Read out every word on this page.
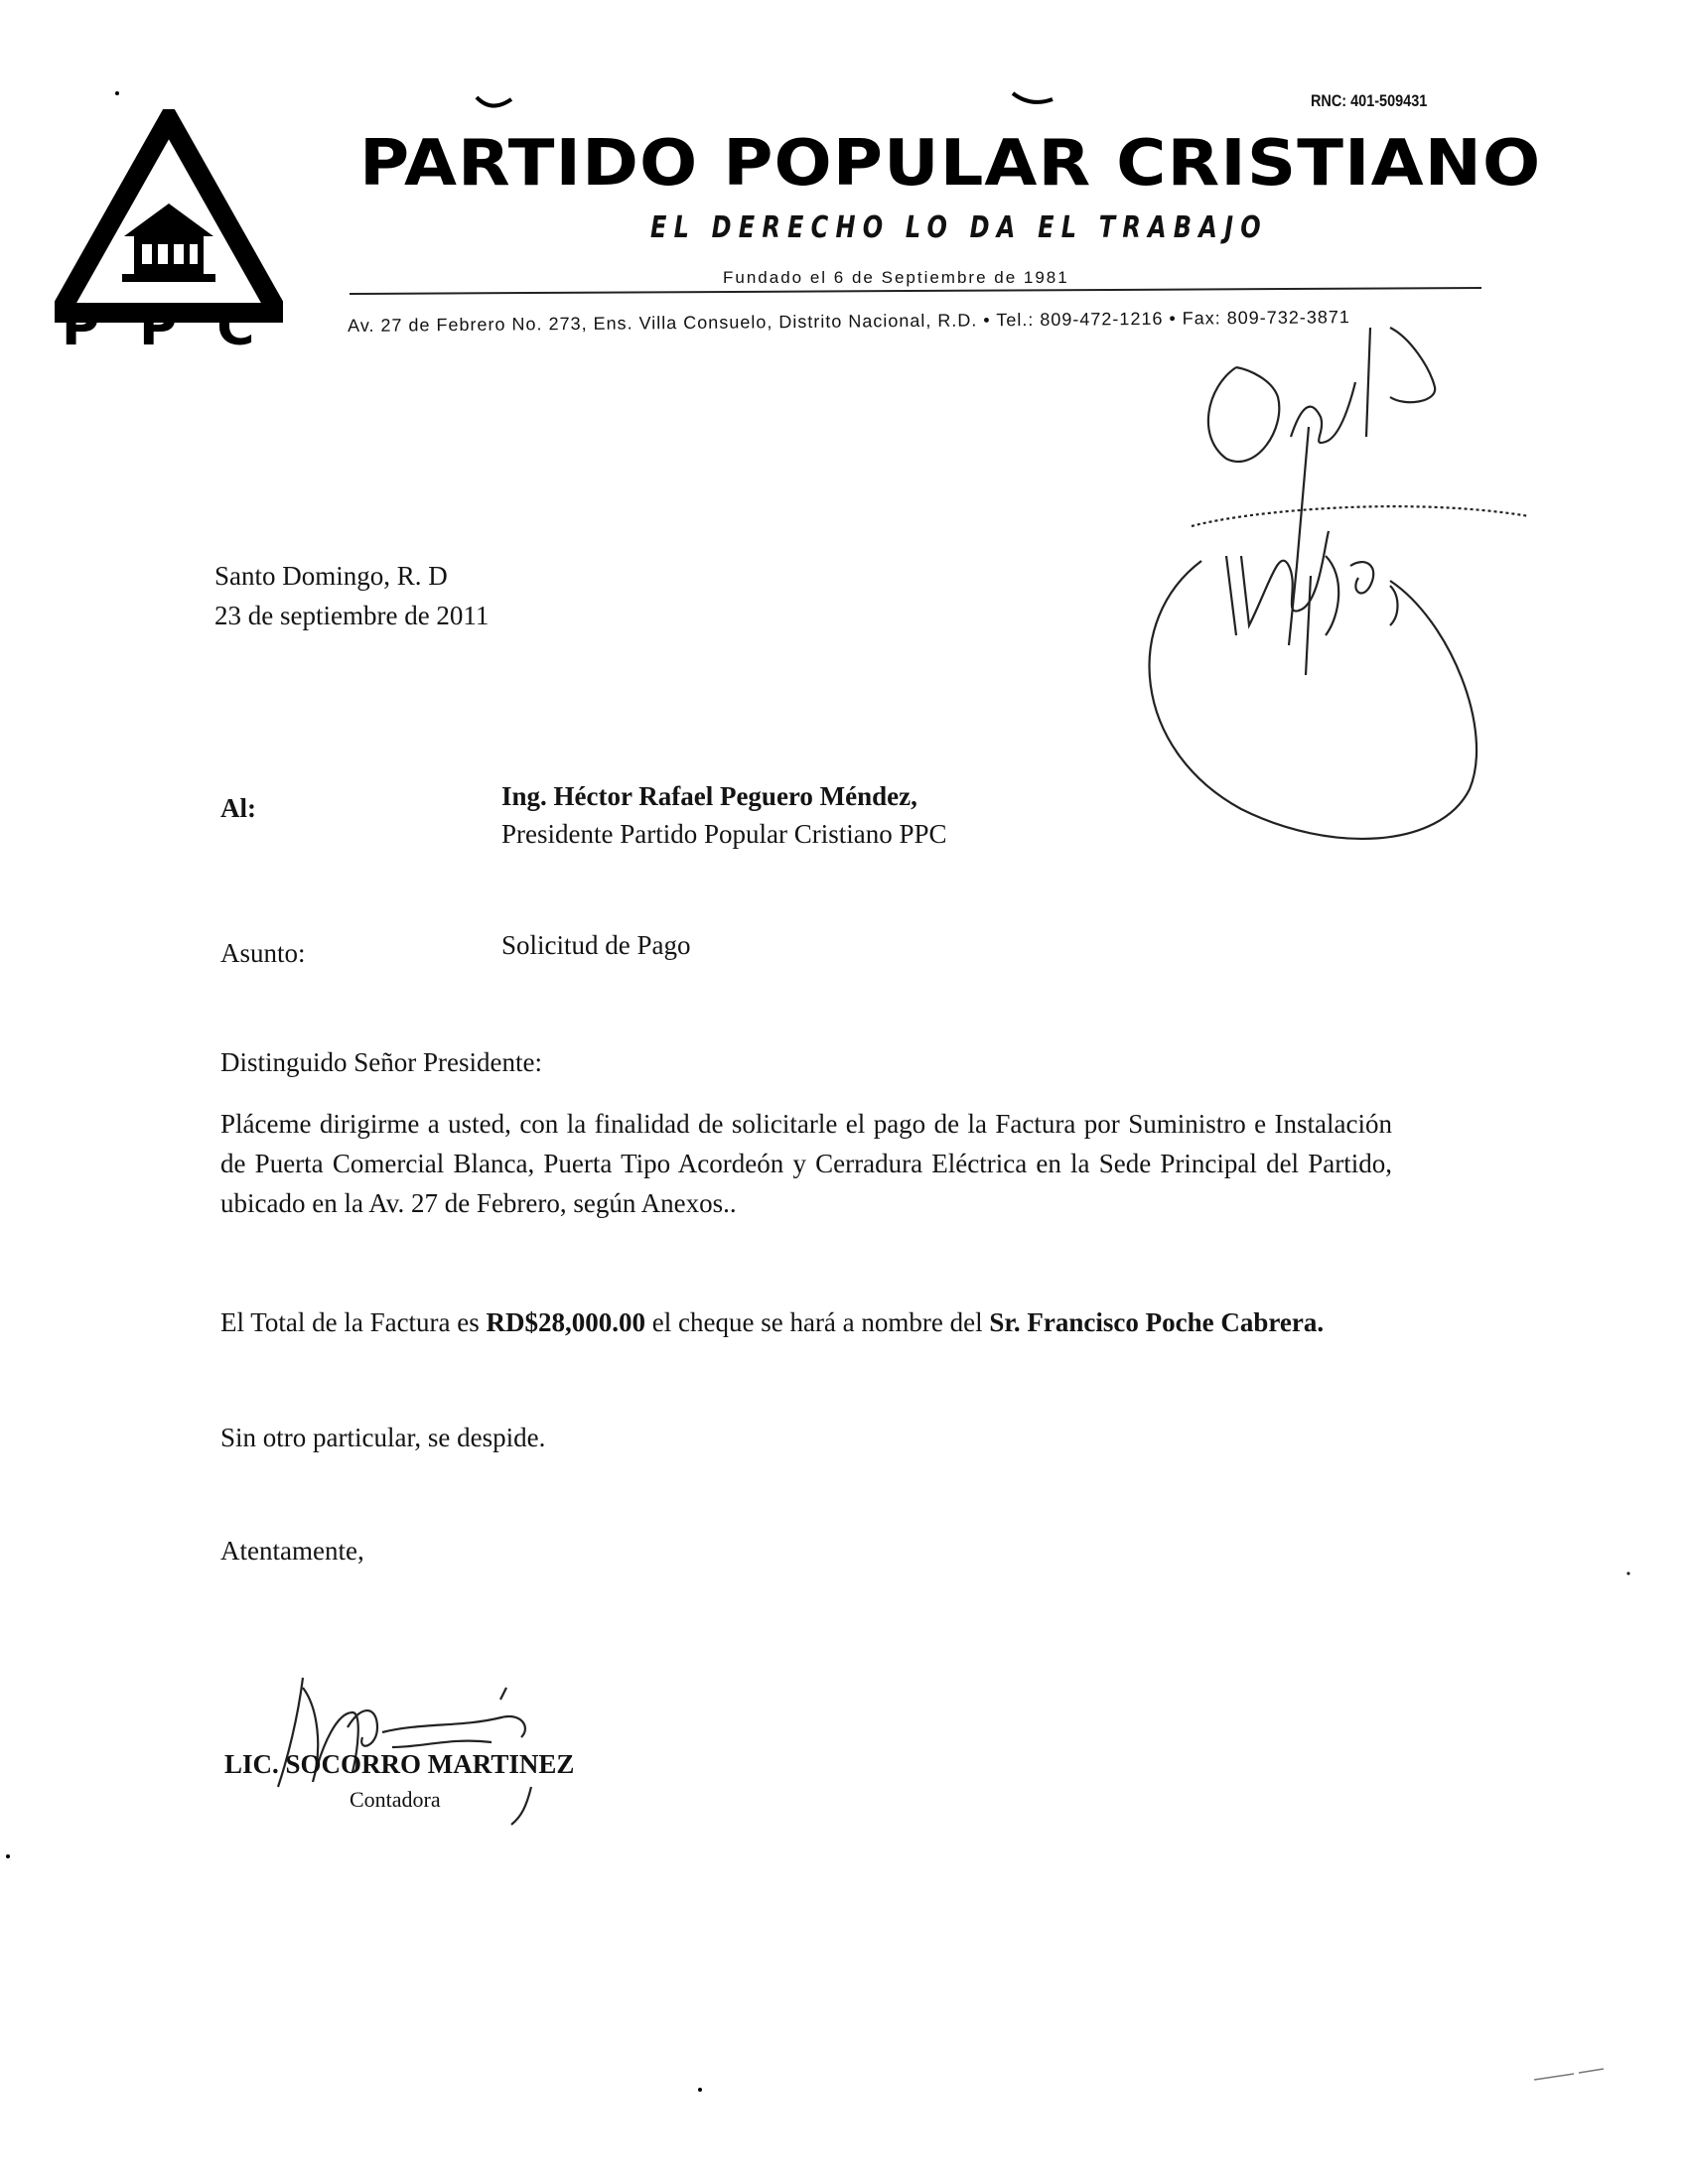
PPC
RNC: 401-509431
PARTIDO POPULAR CRISTIANO
EL DERECHO LO DA EL TRABAJO
Fundado el 6 de Septiembre de 1981
Av. 27 de Febrero No. 273, Ens. Villa Consuelo, Distrito Nacional, R.D. • Tel.: 809-472-1216 • Fax: 809-732-3871
Santo Domingo, R. D
23 de septiembre de 2011
Al:	Ing. Héctor Rafael Peguero Méndez,
Presidente Partido Popular Cristiano PPC
Asunto:	Solicitud de Pago
Distinguido Señor Presidente:
Pláceme dirigirme a usted, con la finalidad de solicitarle el pago de la Factura por Suministro e Instalación de Puerta Comercial Blanca, Puerta Tipo Acordeón y Cerradura Eléctrica en la Sede Principal del Partido, ubicado en la Av. 27 de Febrero, según Anexos..
El Total de la Factura es RD$28,000.00 el cheque se hará a nombre del Sr. Francisco Poche Cabrera.
Sin otro particular, se despide.
Atentamente,
LIC. SOCORRO MARTINEZ
Contadora
